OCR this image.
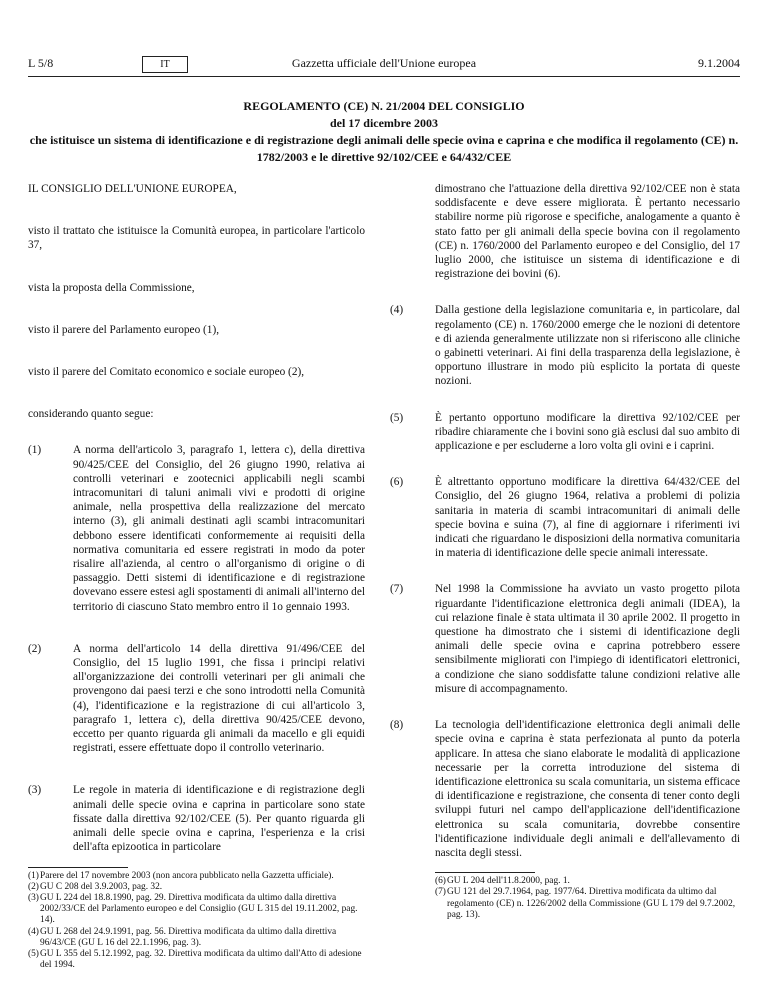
L 5/8	IT	Gazzetta ufficiale dell'Unione europea	9.1.2004

REGOLAMENTO (CE) N. 21/2004 DEL CONSIGLIO

del 17 dicembre 2003

che istituisce un sistema di identificazione e di registrazione degli animali delle specie ovina e caprina e che modifica il regolamento (CE) n. 1782/2003 e le direttive 92/102/CEE e 64/432/CEE

IL CONSIGLIO DELL'UNIONE EUROPEA,

visto il trattato che istituisce la Comunità europea, in particolare l'articolo 37,

vista la proposta della Commissione,

visto il parere del Parlamento europeo (1),

visto il parere del Comitato economico e sociale europeo (2),

considerando quanto segue:

(1)	A norma dell'articolo 3, paragrafo 1, lettera c), della direttiva 90/425/CEE del Consiglio, del 26 giugno 1990, relativa ai controlli veterinari e zootecnici applicabili negli scambi intracomunitari di taluni animali vivi e prodotti di origine animale, nella prospettiva della realizzazione del mercato interno (3), gli animali destinati agli scambi intracomunitari debbono essere identificati conformemente ai requisiti della normativa comunitaria ed essere registrati in modo da poter risalire all'azienda, al centro o all'organismo di origine o di passaggio. Detti sistemi di identificazione e di registrazione dovevano essere estesi agli spostamenti di animali all'interno del territorio di ciascuno Stato membro entro il 1o gennaio 1993.

(2)	A norma dell'articolo 14 della direttiva 91/496/CEE del Consiglio, del 15 luglio 1991, che fissa i principi relativi all'organizzazione dei controlli veterinari per gli animali che provengono dai paesi terzi e che sono introdotti nella Comunità (4), l'identificazione e la registrazione di cui all'articolo 3, paragrafo 1, lettera c), della direttiva 90/425/CEE devono, eccetto per quanto riguarda gli animali da macello e gli equidi registrati, essere effettuate dopo il controllo veterinario.

(3)	Le regole in materia di identificazione e di registrazione degli animali delle specie ovina e caprina in particolare sono state fissate dalla direttiva 92/102/CEE (5). Per quanto riguarda gli animali delle specie ovina e caprina, l'esperienza e la crisi dell'afta epizootica in particolare

(1) Parere del 17 novembre 2003 (non ancora pubblicato nella Gazzetta ufficiale).
(2) GU C 208 del 3.9.2003, pag. 32.
(3) GU L 224 del 18.8.1990, pag. 29. Direttiva modificata da ultimo dalla direttiva 2002/33/CE del Parlamento europeo e del Consiglio (GU L 315 del 19.11.2002, pag. 14).
(4) GU L 268 del 24.9.1991, pag. 56. Direttiva modificata da ultimo dalla direttiva 96/43/CE (GU L 16 del 22.1.1996, pag. 3).
(5) GU L 355 del 5.12.1992, pag. 32. Direttiva modificata da ultimo dall'Atto di adesione del 1994.

dimostrano che l'attuazione della direttiva 92/102/CEE non è stata soddisfacente e deve essere migliorata. È pertanto necessario stabilire norme più rigorose e specifiche, analogamente a quanto è stato fatto per gli animali della specie bovina con il regolamento (CE) n. 1760/2000 del Parlamento europeo e del Consiglio, del 17 luglio 2000, che istituisce un sistema di identificazione e di registrazione dei bovini (6).

(4)	Dalla gestione della legislazione comunitaria e, in particolare, dal regolamento (CE) n. 1760/2000 emerge che le nozioni di detentore e di azienda generalmente utilizzate non si riferiscono alle cliniche o gabinetti veterinari. Ai fini della trasparenza della legislazione, è opportuno illustrare in modo più esplicito la portata di queste nozioni.

(5)	È pertanto opportuno modificare la direttiva 92/102/CEE per ribadire chiaramente che i bovini sono già esclusi dal suo ambito di applicazione e per escluderne a loro volta gli ovini e i caprini.

(6)	È altrettanto opportuno modificare la direttiva 64/432/CEE del Consiglio, del 26 giugno 1964, relativa a problemi di polizia sanitaria in materia di scambi intracomunitari di animali delle specie bovina e suina (7), al fine di aggiornare i riferimenti ivi indicati che riguardano le disposizioni della normativa comunitaria in materia di identificazione delle specie animali interessate.

(7)	Nel 1998 la Commissione ha avviato un vasto progetto pilota riguardante l'identificazione elettronica degli animali (IDEA), la cui relazione finale è stata ultimata il 30 aprile 2002. Il progetto in questione ha dimostrato che i sistemi di identificazione degli animali delle specie ovina e caprina potrebbero essere sensibilmente migliorati con l'impiego di identificatori elettronici, a condizione che siano soddisfatte talune condizioni relative alle misure di accompagnamento.

(8)	La tecnologia dell'identificazione elettronica degli animali delle specie ovina e caprina è stata perfezionata al punto da poterla applicare. In attesa che siano elaborate le modalità di applicazione necessarie per la corretta introduzione del sistema di identificazione elettronica su scala comunitaria, un sistema efficace di identificazione e registrazione, che consenta di tener conto degli sviluppi futuri nel campo dell'applicazione dell'identificazione elettronica su scala comunitaria, dovrebbe consentire l'identificazione individuale degli animali e dell'allevamento di nascita degli stessi.

(6) GU L 204 dell'11.8.2000, pag. 1.
(7) GU 121 del 29.7.1964, pag. 1977/64. Direttiva modificata da ultimo dal regolamento (CE) n. 1226/2002 della Commissione (GU L 179 del 9.7.2002, pag. 13).
